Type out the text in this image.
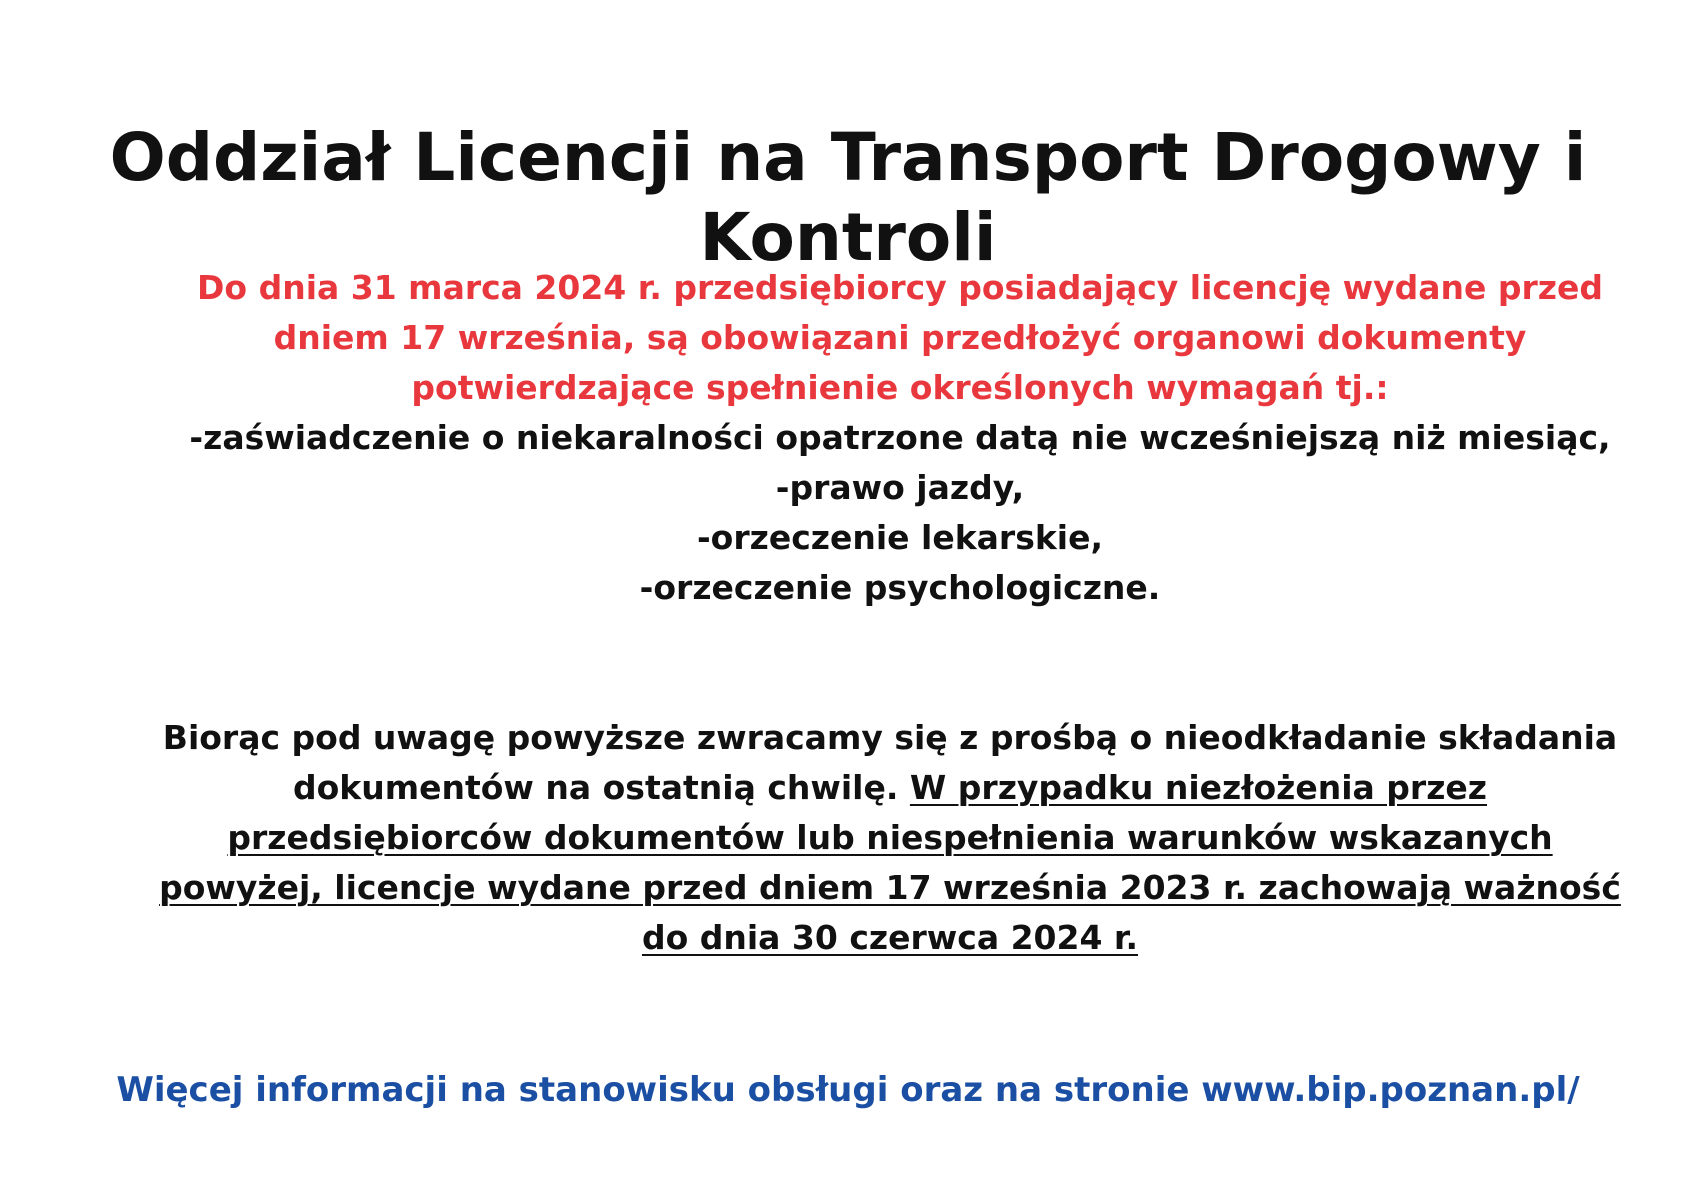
Oddział Licencji na Transport Drogowy i Kontroli
Do dnia 31 marca 2024 r. przedsiębiorcy posiadający licencję wydane przed dniem 17 września, są obowiązani przedłożyć organowi dokumenty potwierdzające spełnienie określonych wymagań tj.:
-zaświadczenie o niekaralności opatrzone datą nie wcześniejszą niż miesiąc,
-prawo jazdy,
-orzeczenie lekarskie,
-orzeczenie psychologiczne.
Biorąc pod uwagę powyższe zwracamy się z prośbą o nieodkładanie składania dokumentów na ostatnią chwilę. W przypadku niezłożenia przez przedsiębiorców dokumentów lub niespełnienia warunków wskazanych powyżej, licencje wydane przed dniem 17 września 2023 r. zachowają ważność do dnia 30 czerwca 2024 r.
Więcej informacji na stanowisku obsługi oraz na stronie www.bip.poznan.pl/
